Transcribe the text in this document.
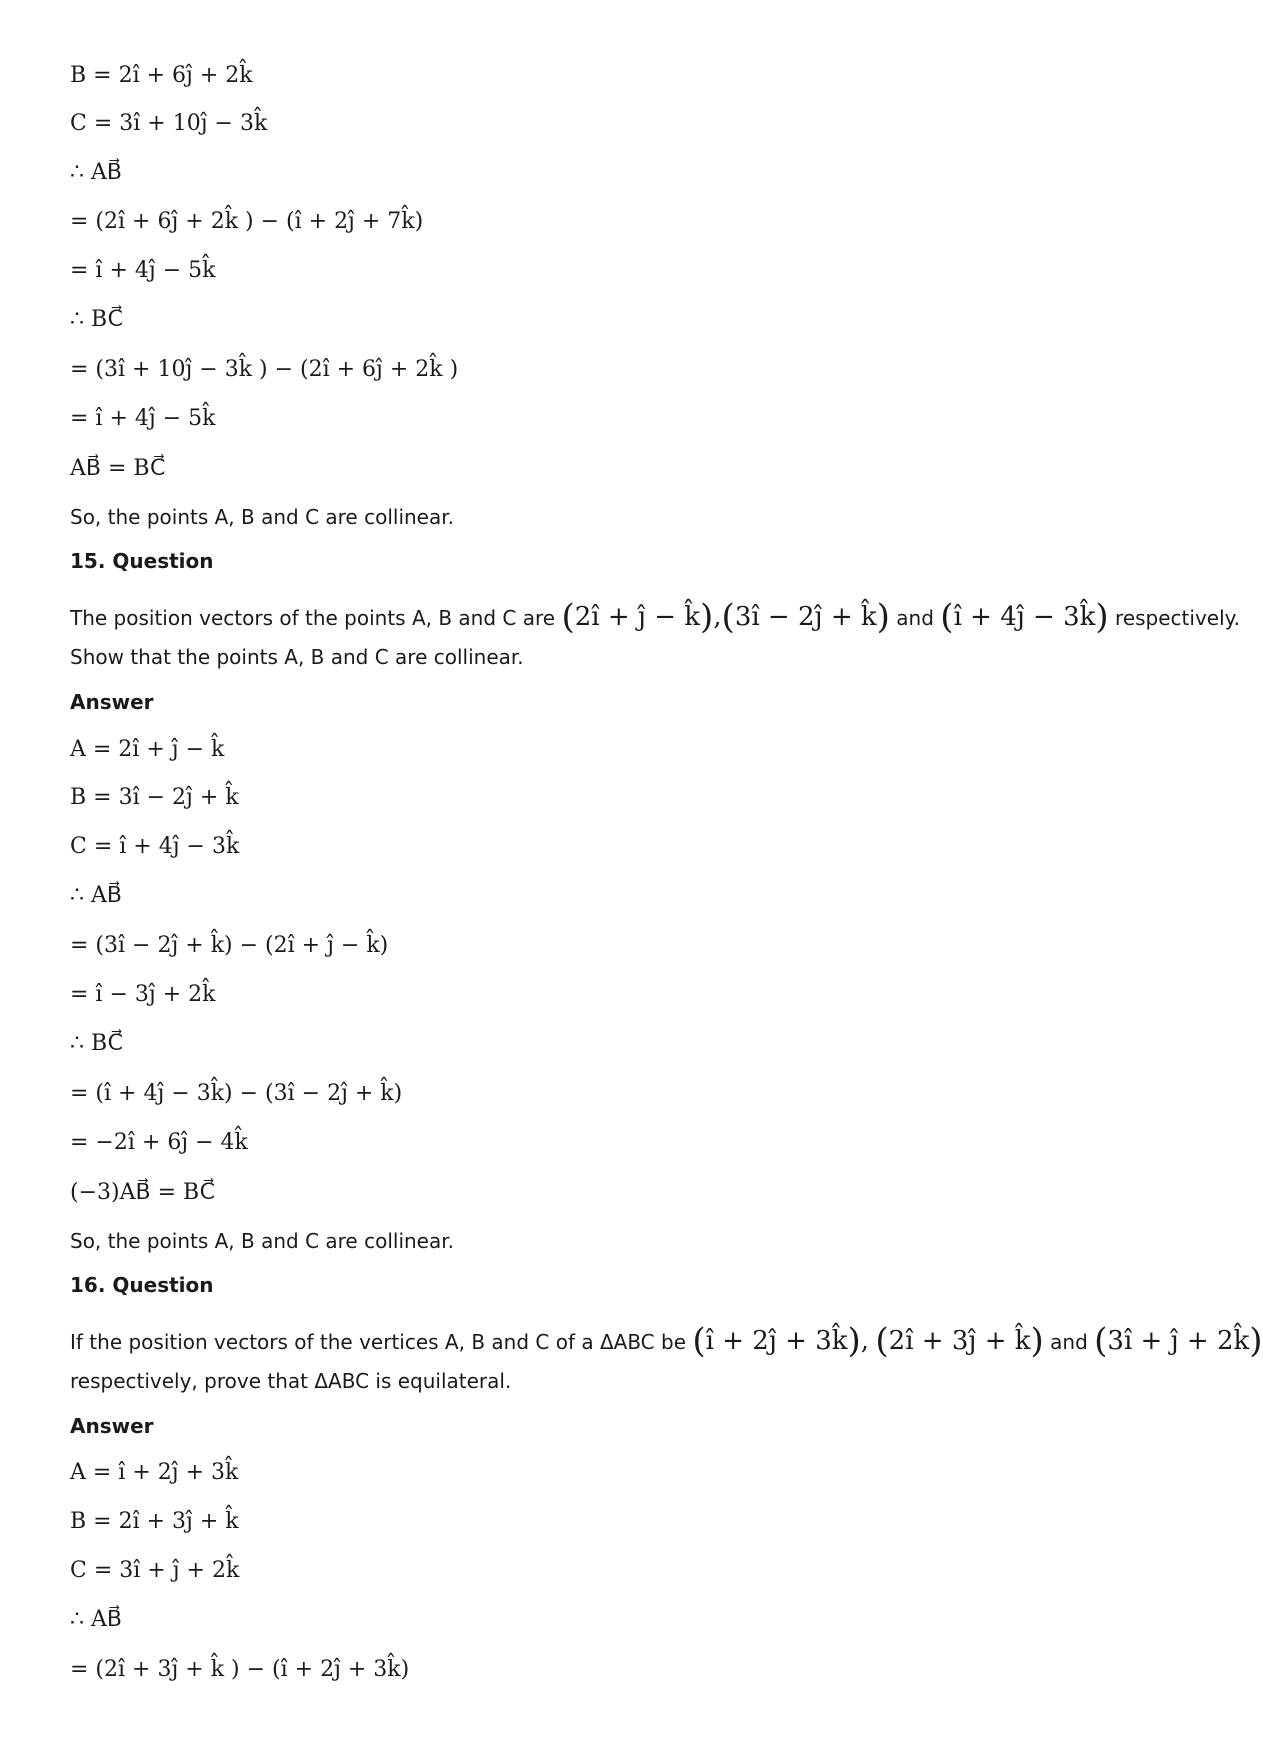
B = 2î + 6ĵ + 2k̂
C = 3î + 10ĵ − 3k̂
∴ AB⃗
= (2î + 6ĵ + 2k̂ ) − (î + 2ĵ + 7k̂)
= î + 4ĵ − 5k̂
∴ BC⃗
= (3î + 10ĵ − 3k̂ ) − (2î + 6ĵ + 2k̂ )
= î + 4ĵ − 5k̂
AB⃗ = BC⃗
So, the points A, B and C are collinear.
15. Question
The position vectors of the points A, B and C are (2î + ĵ − k̂),(3î − 2ĵ + k̂) and (î + 4ĵ − 3k̂) respectively.
Show that the points A, B and C are collinear.
Answer
A = 2î + ĵ − k̂
B = 3î − 2ĵ + k̂
C = î + 4ĵ − 3k̂
∴ AB⃗
= (3î − 2ĵ + k̂) − (2î + ĵ − k̂)
= î − 3ĵ + 2k̂
∴ BC⃗
= (î + 4ĵ − 3k̂) − (3î − 2ĵ + k̂)
= −2î + 6ĵ − 4k̂
(−3)AB⃗ = BC⃗
So, the points A, B and C are collinear.
16. Question
If the position vectors of the vertices A, B and C of a ΔABC be (î + 2ĵ + 3k̂), (2î + 3ĵ + k̂) and (3î + ĵ + 2k̂)
respectively, prove that ΔABC is equilateral.
Answer
A = î + 2ĵ + 3k̂
B = 2î + 3ĵ + k̂
C = 3î + ĵ + 2k̂
∴ AB⃗
= (2î + 3ĵ + k̂ ) − (î + 2ĵ + 3k̂)
